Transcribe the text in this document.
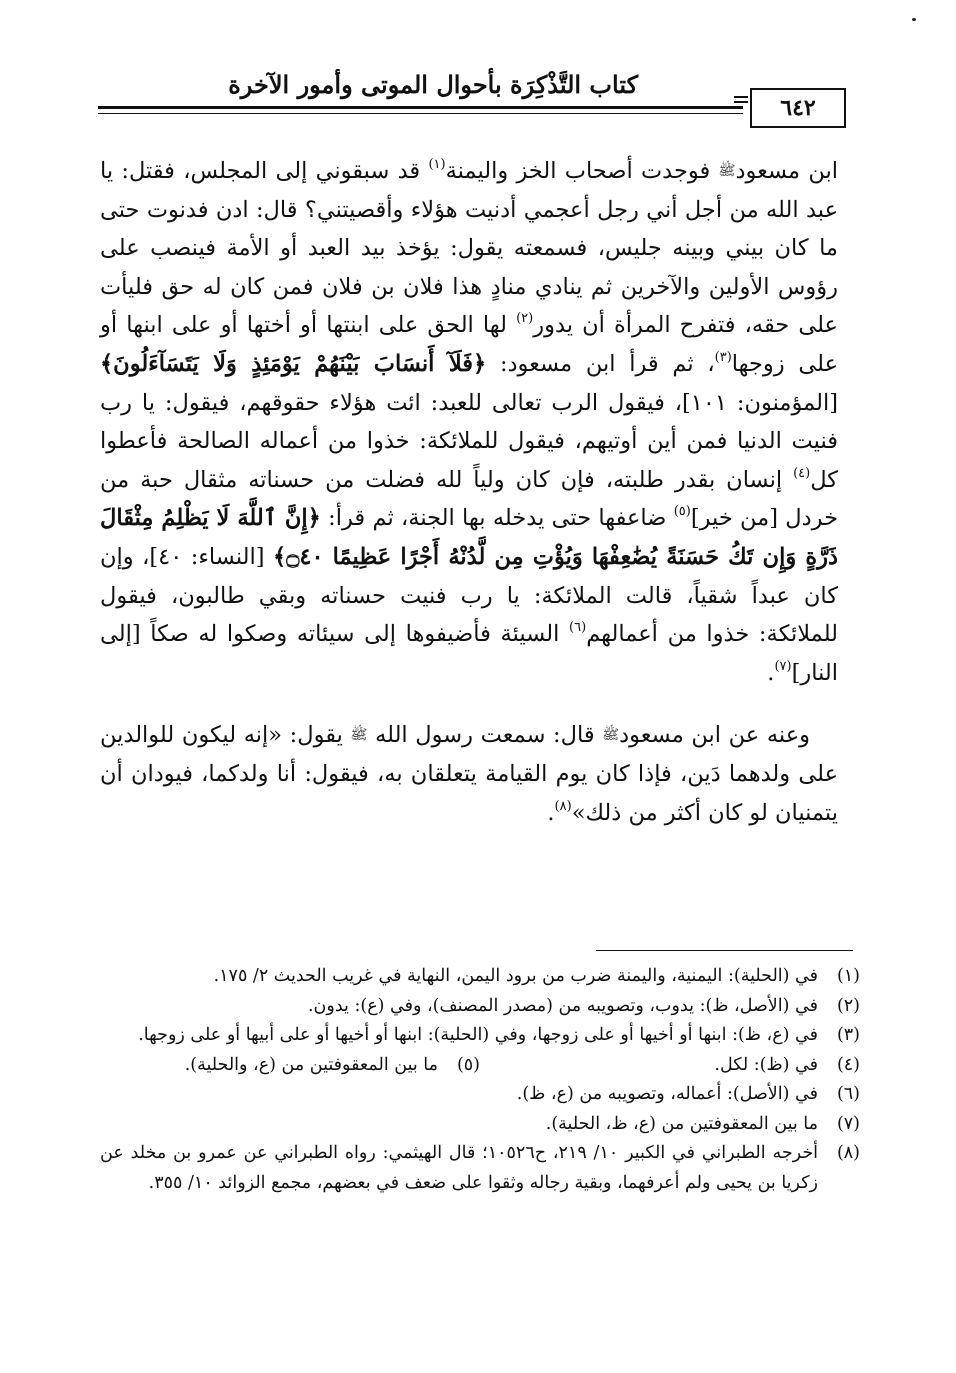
كتاب التَّذْكِرَة بأحوال الموتى وأمور الآخرة
٦٤٢

ابن مسعودﷺ فوجدت أصحاب الخز واليمنة$^{(١)}$ قد سبقوني إلى المجلس، فقتل: يا عبد الله من أجل أني رجل أعجمي أدنيت هؤلاء وأقصيتني؟ قال: ادن فدنوت حتى ما كان بيني وبينه جليس، فسمعته يقول: يؤخذ بيد العبد أو الأمة فينصب على رؤوس الأولين والآخرين ثم ينادي منادٍ هذا فلان بن فلان فمن كان له حق فليأت على حقه، فتفرح المرأة أن يدور$^{(٢)}$ لها الحق على ابنتها أو أختها أو على ابنها أو على زوجها$^{(٣)}$، ثم قرأ ابن مسعود: ﴿فَلَآ أَنسَابَ بَيْنَهُمْ يَوْمَئِذٍ وَلَا يَتَسَآءَلُونَ﴾ [المؤمنون: ١٠١]، فيقول الرب تعالى للعبد: ائت هؤلاء حقوقهم، فيقول: يا رب فنيت الدنيا فمن أين أوتيهم، فيقول للملائكة: خذوا من أعماله الصالحة فأعطوا كل$^{(٤)}$ إنسان بقدر طلبته، فإن كان ولياً لله فضلت من حسناته مثقال حبة من خردل [من خير]$^{(٥)}$ ضاعفها حتى يدخله بها الجنة، ثم قرأ: ﴿إِنَّ ٱللَّهَ لَا يَظْلِمُ مِثْقَالَ ذَرَّةٍ وَإِن تَكُ حَسَنَةً يُضَٰعِفْهَا وَيُؤْتِ مِن لَّدُنْهُ أَجْرًا عَظِيمًا ۝٤٠﴾ [النساء: ٤٠]، وإن كان عبداً شقياً، قالت الملائكة: يا رب فنيت حسناته وبقي طالبون، فيقول للملائكة: خذوا من أعمالهم$^{(٦)}$ السيئة فأضيفوها إلى سيئاته وصكوا له صكاً [إلى النار]$^{(٧)}$.

وعنه عن ابن مسعودﷺ قال: سمعت رسول الله ﷺ يقول: «إنه ليكون للوالدين على ولدهما دَين، فإذا كان يوم القيامة يتعلقان به، فيقول: أنا ولدكما، فيودان أن يتمنيان لو كان أكثر من ذلك»$^{(٨)}$.

(١)
في (الحلية): اليمنية، واليمنة ضرب من برود اليمن، النهاية في غريب الحديث ٢/ ١٧٥.
(٢)
في (الأصل، ظ): يدوب، وتصويبه من (مصدر المصنف)، وفي (ع): يدون.
(٣)
في (ع، ظ): ابنها أو أخيها أو على زوجها، وفي (الحلية): ابنها أو أخيها أو على أبيها أو على زوجها.
(٤)
في (ظ): لكل.
(٥)
ما بين المعقوفتين من (ع، والحلية).
(٦)
في (الأصل): أعماله، وتصويبه من (ع، ظ).
(٧)
ما بين المعقوفتين من (ع، ظ، الحلية).
(٨)
أخرجه الطبراني في الكبير ١٠/ ٢١٩، ح١٠٥٢٦؛ قال الهيثمي: رواه الطبراني عن عمرو بن مخلد عن زكريا بن يحيى ولم أعرفهما، وبقية رجاله وثقوا على ضعف في بعضهم، مجمع الزوائد ١٠/ ٣٥٥.
